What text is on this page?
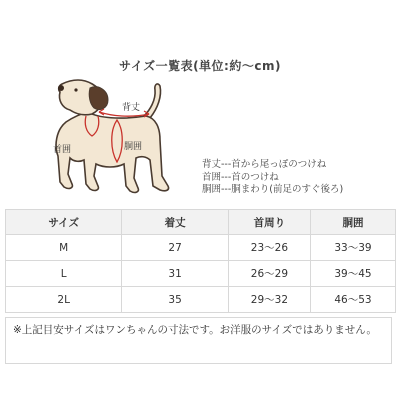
サイズ一覧表(単位:約〜cm)
背丈
首囲	胴囲
背丈---首から尾っぽのつけね
首囲---首のつけね
胴囲---胴まわり(前足のすぐ後ろ)
サイズ	着丈	首周り	胴囲
M	27	23〜26	33〜39
L	31	26〜29	39〜45
2L	35	29〜32	46〜53
※上記目安サイズはワンちゃんの寸法です。お洋服のサイズではありません。
